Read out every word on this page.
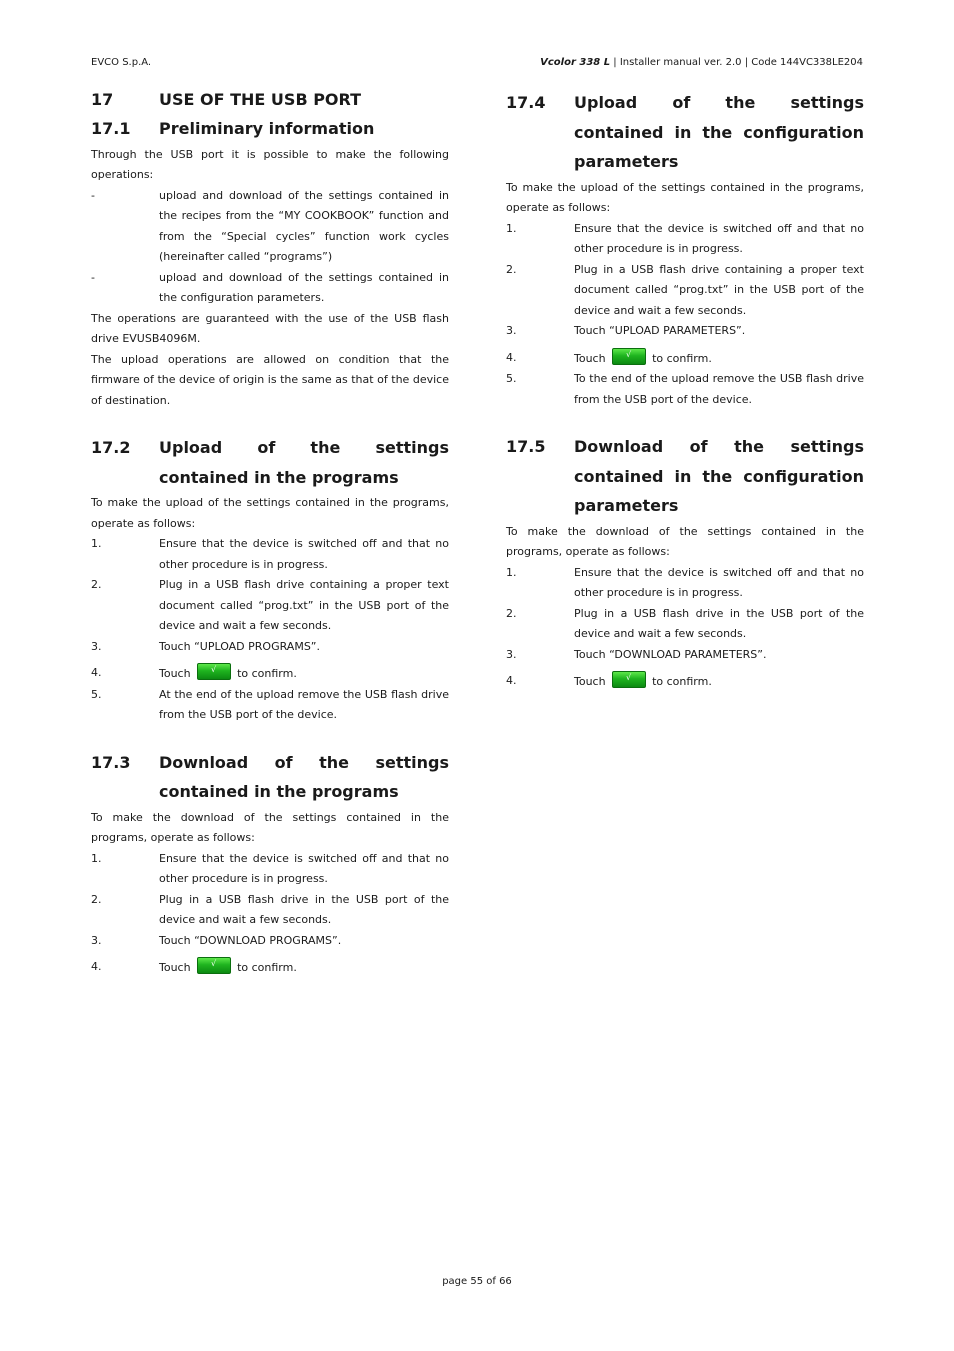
EVCO S.p.A.	Vcolor 338 L | Installer manual ver. 2.0 | Code 144VC338LE204
17	USE OF THE USB PORT
17.1	Preliminary information

Through the USB port it is possible to make the following operations:

-	upload and download of the settings contained in the recipes from the “MY COOKBOOK” function and from the “Special cycles” function work cycles (hereinafter called “programs”)
-	upload and download of the settings contained in the configuration parameters.

The operations are guaranteed with the use of the USB flash drive EVUSB4096M.

The upload operations are allowed on condition that the firmware of the device of origin is the same as that of the device of destination.

17.2	Upload of the settings contained in the programs

To make the upload of the settings contained in the programs, operate as follows:

1.	Ensure that the device is switched off and that no other procedure is in progress.
2.	Plug in a USB flash drive containing a proper text document called “prog.txt” in the USB port of the device and wait a few seconds.
3.	Touch “UPLOAD PROGRAMS”.
4.	Touch	√	to confirm.
5.	At the end of the upload remove the USB flash drive from the USB port of the device.
17.3	Download of the settings contained in the programs

To make the download of the settings contained in the programs, operate as follows:

1.	Ensure that the device is switched off and that no other procedure is in progress.
2.	Plug in a USB flash drive in the USB port of the device and wait a few seconds.
3.	Touch “DOWNLOAD PROGRAMS”.
4.	Touch	√	to confirm.
17.4	Upload of the settings contained in the configuration parameters

To make the upload of the settings contained in the programs, operate as follows:

1.	Ensure that the device is switched off and that no other procedure is in progress.
2.	Plug in a USB flash drive containing a proper text document called “prog.txt” in the USB port of the device and wait a few seconds.
3.	Touch “UPLOAD PARAMETERS”.
4.	Touch	√	to confirm.
5.	To the end of the upload remove the USB flash drive from the USB port of the device.
17.5	Download of the settings contained in the configuration parameters

To make the download of the settings contained in the programs, operate as follows:

1.	Ensure that the device is switched off and that no other procedure is in progress.
2.	Plug in a USB flash drive in the USB port of the device and wait a few seconds.
3.	Touch “DOWNLOAD PARAMETERS”.
4.	Touch	√	to confirm.
page 55 of 66
